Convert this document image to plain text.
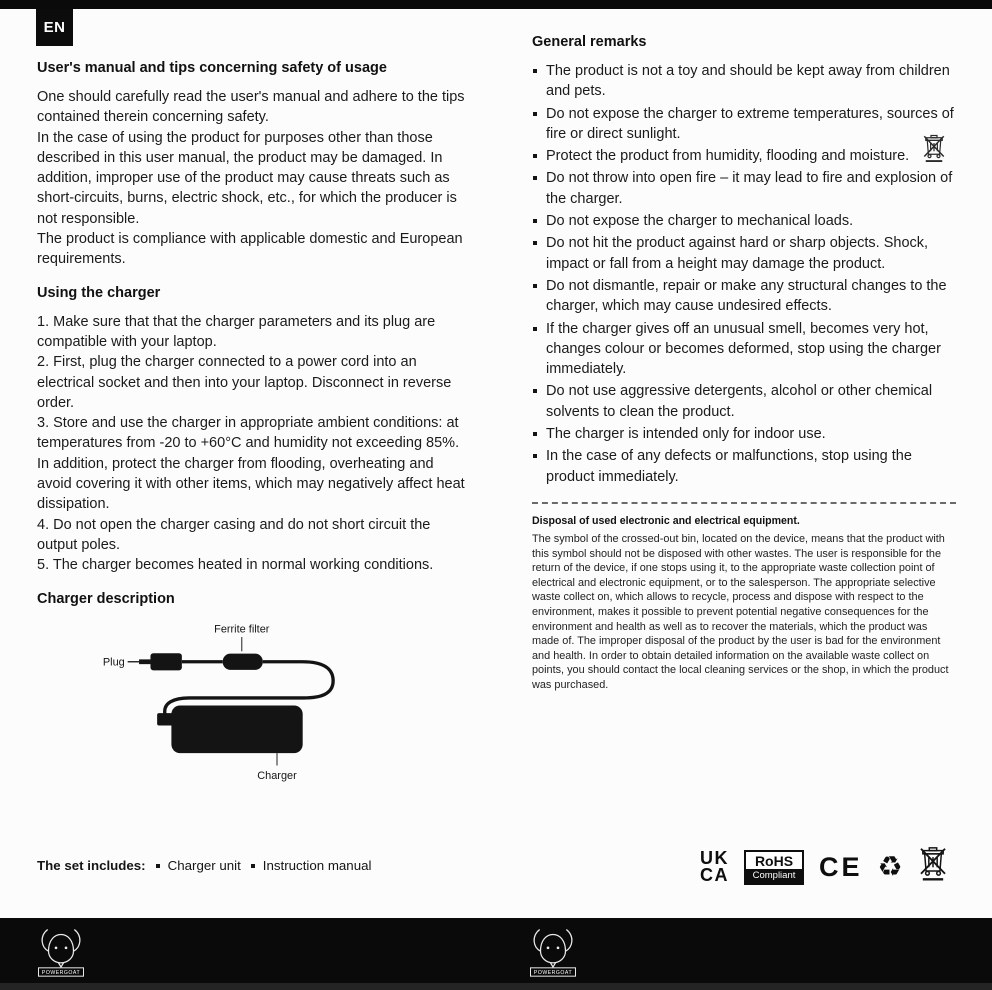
EN
User's manual and tips concerning safety of usage

One should carefully read the user's manual and adhere to the tips contained therein concerning safety.

In the case of using the product for purposes other than those described in this user manual, the product may be damaged. In addition, improper use of the product may cause threats such as short-circuits, burns, electric shock, etc., for which the producer is not responsible.

The product is compliance with applicable domestic and European requirements.

Using the charger

1. Make sure that that the charger parameters and its plug are compatible with your laptop.

2. First, plug the charger connected to a power cord into an electrical socket and then into your laptop. Disconnect in reverse order.

3. Store and use the charger in appropriate ambient conditions: at temperatures from -20 to +60°C and humidity not exceeding 85%. In addition, protect the charger from flooding, overheating and avoid covering it with other items, which may negatively affect heat dissipation.

4. Do not open the charger casing and do not short circuit the output poles.

5. The charger becomes heated in normal working conditions.

Charger description
Ferrite filter
Plug
Charger
The set includes:	Charger unit	Instruction manual
General remarks
The product is not a toy and should be kept away from children and pets.
Do not expose the charger to extreme temperatures, sources of fire or direct sunlight.
Protect the product from humidity, flooding and moisture.
Do not throw into open fire – it may lead to fire and explosion of the charger.
Do not expose the charger to mechanical loads.
Do not hit the product against hard or sharp objects. Shock, impact or fall from a height may damage the product.
Do not dismantle, repair or make any structural changes to the charger, which may cause undesired effects.
If the charger gives off an unusual smell, becomes very hot, changes colour or becomes deformed, stop using the charger immediately.
Do not use aggressive detergents, alcohol or other chemical solvents to clean the product.
The charger is intended only for indoor use.
In the case of any defects or malfunctions, stop using the product immediately.

Disposal of used electronic and electrical equipment.

The symbol of the crossed-out bin, located on the device, means that the product with this symbol should not be disposed with other wastes. The user is responsible for the return of the device, if one stops using it, to the appropriate waste collection point of electrical and electronic equipment, or to the salesperson. The appropriate selective waste collect on, which allows to recycle, process and dispose with respect to the environment, makes it possible to prevent potential negative consequences for the environment and health as well as to recover the materials, which the product was made of. The improper disposal of the product by the user is bad for the environment and health. In order to obtain detailed information on the available waste collect on points, you should contact the local cleaning services or the shop, in which the product was purchased.

UK
CA
RoHS
Compliant CE ♻
POWERGOAT	POWERGOAT
